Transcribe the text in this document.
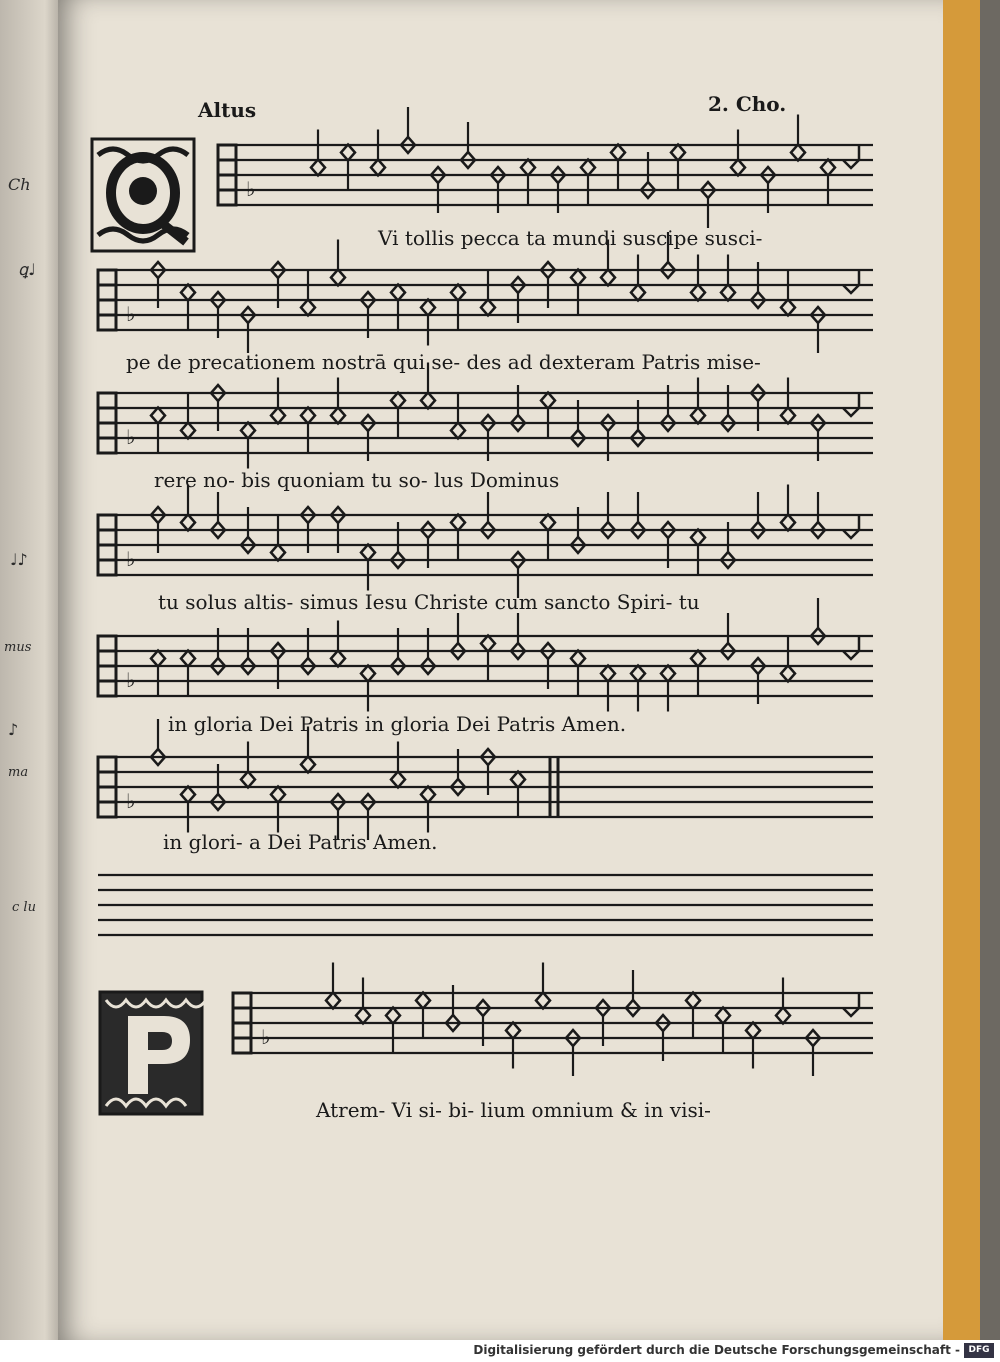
Ch
ꝗ♩
♩♪
mus
♪
ma
c lu
Altus	2. Cho.
♭
♭
♭
♭
♭
♭
♭
Vi tollis pecca ta mundi suscipe susci-
pe de precationem nostrā qui se- des ad dexteram Patris mise-
rere no- bis quoniam tu so- lus Dominus
tu solus altis- simus Iesu Christe cum sancto Spiri- tu
in gloria Dei Patris in gloria Dei Patris Amen.
in glori- a Dei Patris Amen.
Atrem- Vi si- bi- lium omnium & in visi-
Digitalisierung gefördert durch die Deutsche Forschungsgemeinschaft - DFG
